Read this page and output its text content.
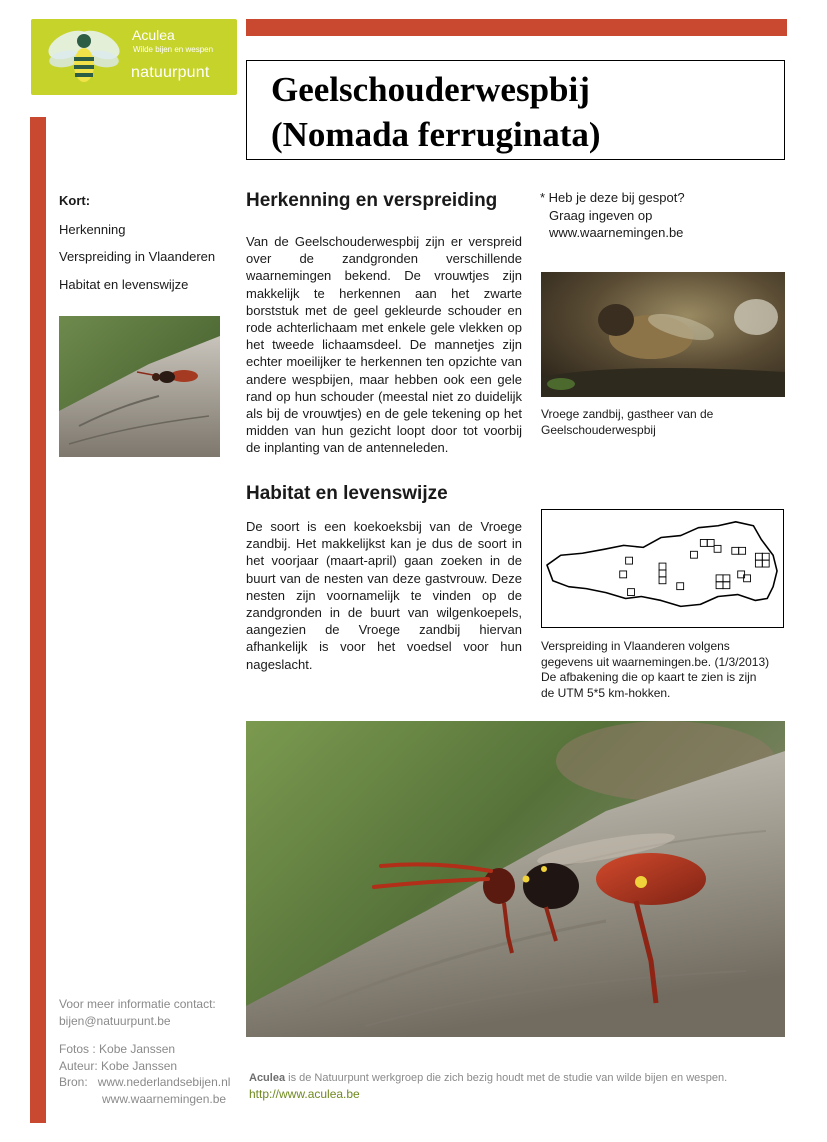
Aculea
Wilde bijen en wespen
natuurpunt Geelschouderwespbij
(Nomada ferruginata)
Kort:
Herkenning
Verspreiding in Vlaanderen
Habitat en levenswijze
Herkenning en verspreiding

Van de Geelschouderwespbij zijn er verspreid over de zandgronden verschillende waarnemingen bekend. De vrouwtjes zijn makkelijk te herkennen aan het zwarte borststuk met de geel gekleurde schouder en rode achterlichaam met enkele gele vlekken op het tweede lichaamsdeel. De mannetjes zijn echter moeilijker te herkennen ten opzichte van andere wespbijen, maar hebben ook een gele rand op hun schouder (meestal niet zo duidelijk als bij de vrouwtjes) en de gele tekening op het midden van hun gezicht loopt door tot voorbij de inplanting van de antenneleden.

Habitat en levenswijze

De soort is een koekoeksbij van de Vroege zandbij. Het makkelijkst kan je dus de soort in het voorjaar (maart-april) gaan zoeken in de buurt van de nesten van deze gastvrouw. Deze nesten zijn voornamelijk te vinden op de zandgronden in de buurt van wilgenkoepels, aangezien de Vroege zandbij hiervan afhankelijk is voor het voedsel voor hun nageslacht.

* Heb je deze bij gespot?
Graag ingeven op
www.waarnemingen.be
Vroege zandbij, gastheer van de
Geelschouderwespbij
Verspreiding in Vlaanderen volgens
gegevens uit waarnemingen.be. (1/3/2013)
De afbakening die op kaart te zien is zijn
de UTM 5*5 km-hokken.
Voor meer informatie contact:
bijen@natuurpunt.be
Fotos : Kobe Janssen
Auteur: Kobe Janssen
Bron: www.nederlandsebijen.nl
www.waarnemingen.be
Aculea is de Natuurpunt werkgroep die zich bezig houdt met de studie van wilde bijen en wespen.
http://www.aculea.be
